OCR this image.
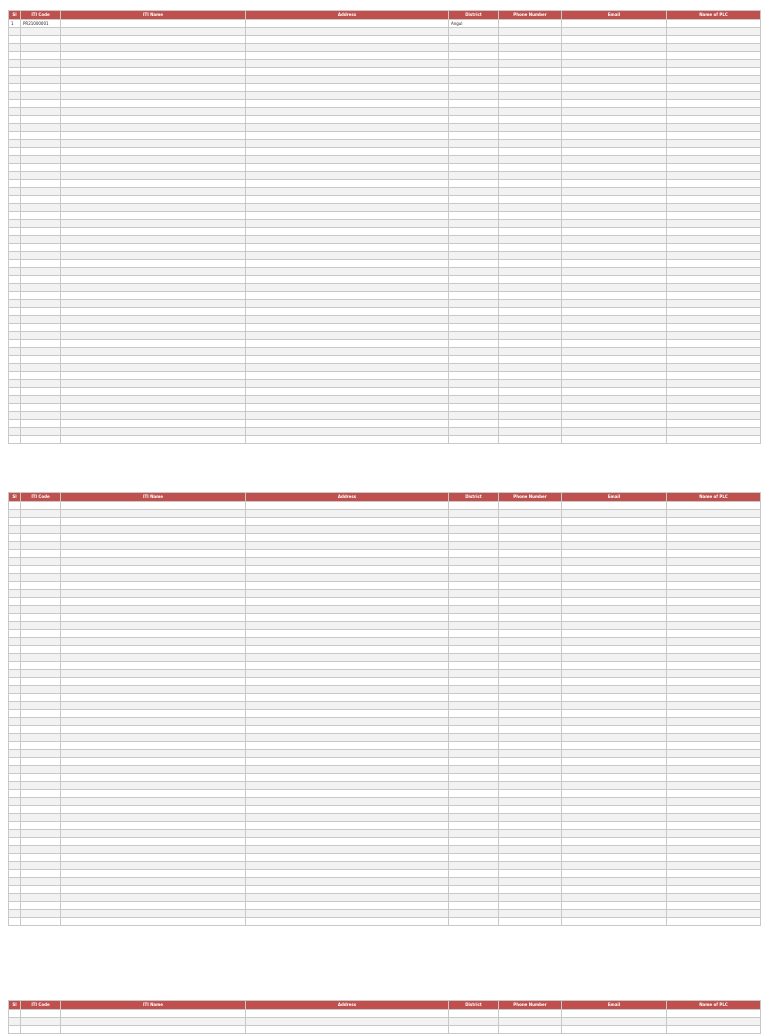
Sl	ITI Code	ITI Name	Address	District	Phone Number	Email	Name of PLC
1	PR21000001			Angul			

Sl	ITI Code	ITI Name	Address	District	Phone Number	Email	Name of PLC

Sl	ITI Code	ITI Name	Address	District	Phone Number	Email	Name of PLC
